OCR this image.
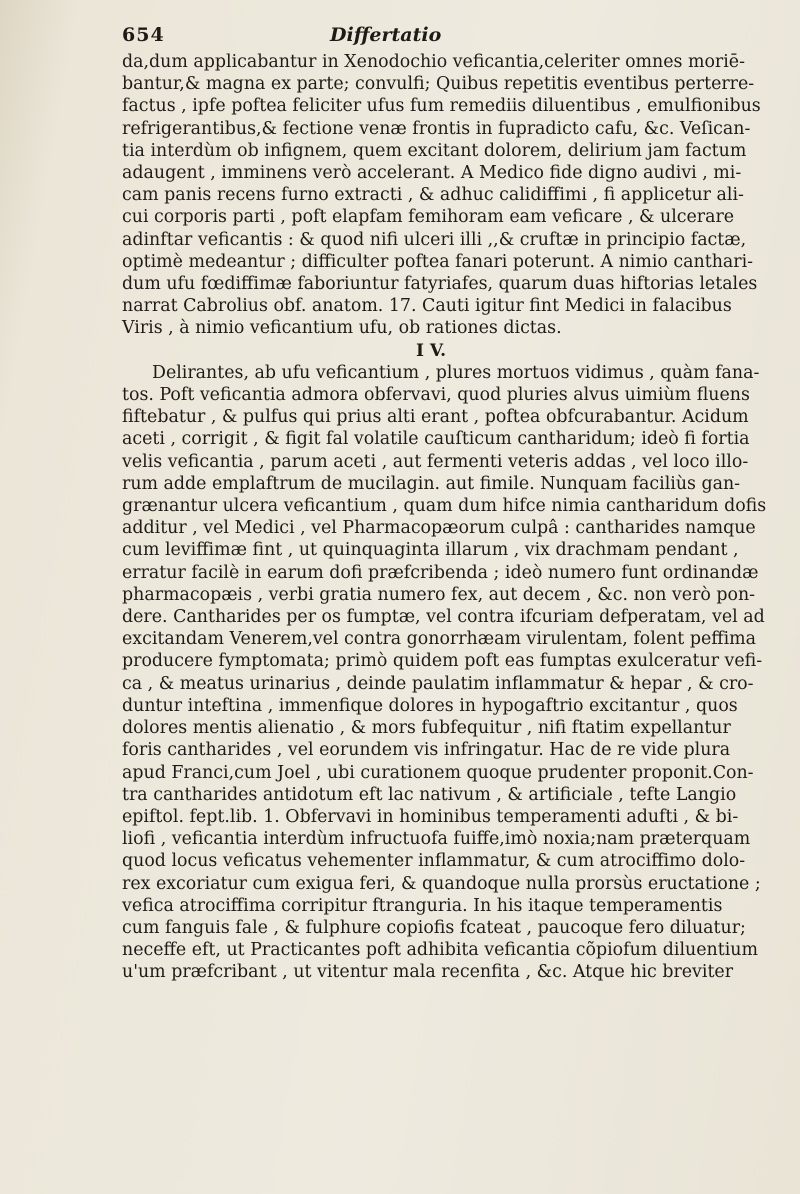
654	Differtatio
da,dum applicabantur in Xenodochio veficantia,celeriter omnes moriē-
bantur,& magna ex parte; convulfi; Quibus repetitis eventibus perterre-
factus , ipfe poftea feliciter ufus fum remediis diluentibus , emulfionibus
refrigerantibus,& fectione venæ frontis in fupradicto cafu, &c. Veſican-
tia interdùm ob infignem, quem excitant dolorem, delirium jam factum
adaugent , imminens verò accelerant. A Medico fide digno audivi , mi-
cam panis recens furno extracti , & adhuc calidiffimi , fi applicetur ali-
cui corporis parti , poft elapfam femihoram eam veficare , & ulcerare
adinftar veficantis : & quod nifi ulceri illi ,,& cruftæ in principio factæ,
optimè medeantur ; difficulter poftea fanari poterunt. A nimio canthari-
dum ufu fœdiffimæ faboriuntur fatyriafes, quarum duas hiftorias letales
narrat Cabrolius obf. anatom. 17. Cauti igitur fint Medici in falacibus
Viris , à nimio veficantium ufu, ob rationes dictas.
I V.
Delirantes, ab ufu veficantium , plures mortuos vidimus , quàm fana-
tos. Poft veficantia admora obfervavi, quod pluries alvus uimiùm fluens
fiftebatur , & pulfus qui prius alti erant , poftea obfcurabantur. Acidum
aceti , corrigit , & figit fal volatile cauſticum cantharidum; ideò fi fortia
velis veficantia , parum aceti , aut fermenti veteris addas , vel loco illo-
rum adde emplaftrum de mucilagin. aut fimile. Nunquam faciliùs gan-
grænantur ulcera veficantium , quam dum hifce nimia cantharidum dofis
additur , vel Medici , vel Pharmacopæorum culpâ : cantharides namque
cum leviffimæ fint , ut quinquaginta illarum , vix drachmam pendant ,
erratur facilè in earum dofi præfcribenda ; ideò numero funt ordinandæ
pharmacopæis , verbi gratia numero fex, aut decem , &c. non verò pon-
dere. Cantharides per os fumptæ, vel contra ifcuriam defperatam, vel ad
excitandam Venerem,vel contra gonorrhæam virulentam, folent peffima
producere fymptomata; primò quidem poft eas fumptas exulceratur vefi-
ca , & meatus urinarius , deinde paulatim inflammatur & hepar , & cro-
duntur inteftina , immenfique dolores in hypogaftrio excitantur , quos
dolores mentis alienatio , & mors fubfequitur , nifi ftatim expellantur
foris cantharides , vel eorundem vis infringatur. Hac de re vide plura
apud Franci,cum Joel , ubi curationem quoque prudenter proponit.Con-
tra cantharides antidotum eft lac nativum , & artificiale , tefte Langio
epiftol. fept.lib. 1. Obfervavi in hominibus temperamenti adufti , & bi-
liofi , veficantia interdùm infructuofa fuiffe,imò noxia;nam præterquam
quod locus veficatus vehementer inflammatur, & cum atrociffimo dolo-
rex excoriatur cum exigua feri, & quandoque nulla prorsùs eructatione ;
vefica atrociffima corripitur ftranguria. In his itaque temperamentis
cum fanguis fale , & fulphure copiofis fcateat , paucoque fero diluatur;
neceffe eft, ut Practicantes poft adhibita veficantia cõpiofum diluentium
u'um præfcribant , ut vitentur mala recenfita , &c. Atque hic breviter
